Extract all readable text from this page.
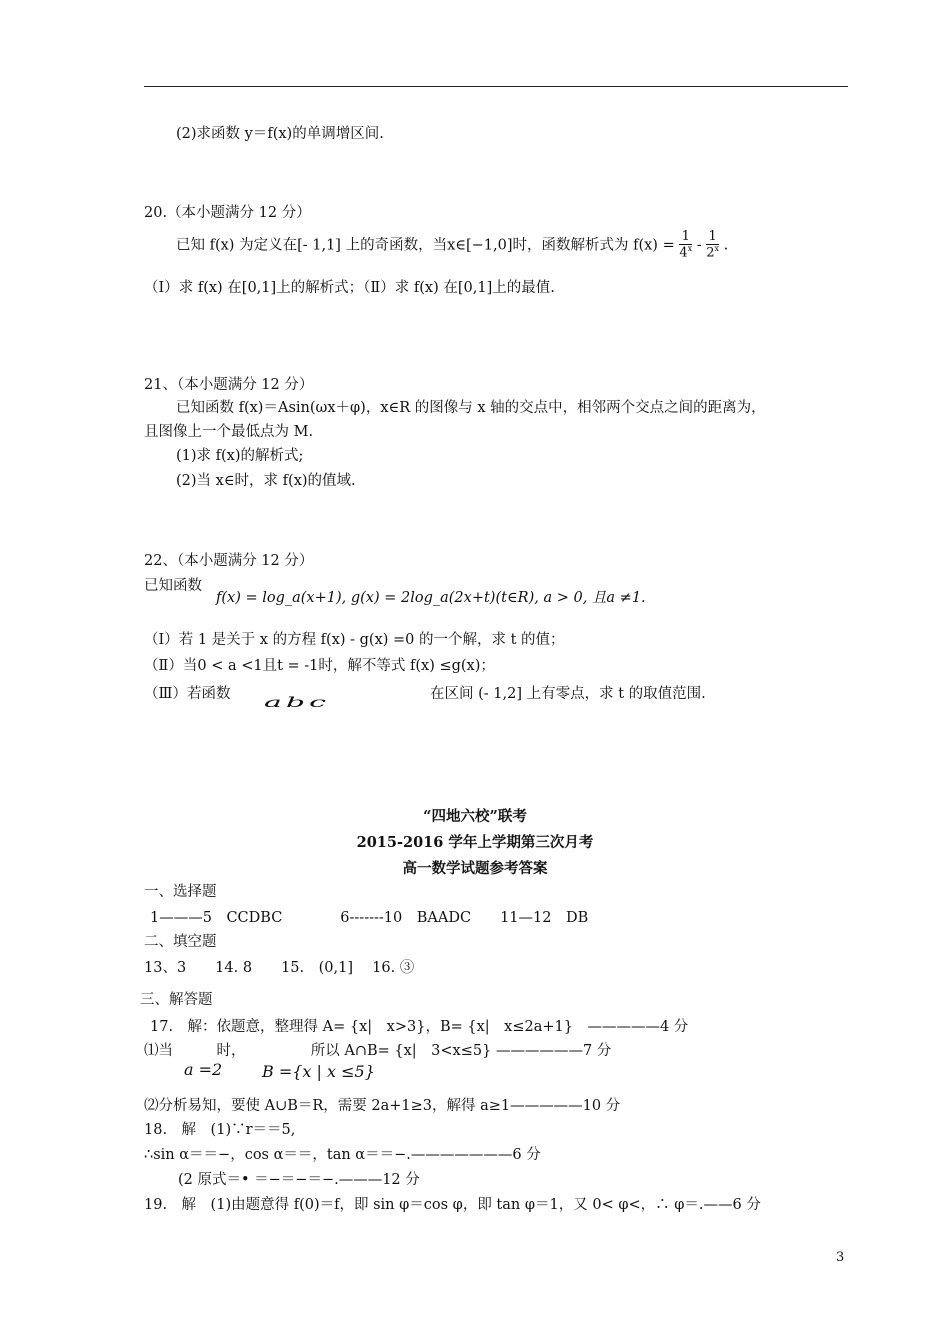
(2)求函数 y＝f(x)的单调增区间.
20.（本小题满分 12 分）
已知 f(x) 为定义在[- 1,1] 上的奇函数，当x∈[−1,0]时，函数解析式为 $f(x) = \frac{1}{4^x} - \frac{1}{2^x}$ .
（Ⅰ）求 f(x) 在[0,1]上的解析式；（Ⅱ）求 f(x) 在[0,1]上的最值.
21、（本小题满分 12 分）
已知函数 f(x)＝Asin(ωx＋φ)，x∈R 的图像与 x 轴的交点中，相邻两个交点之间的距离为，
且图像上一个最低点为 M.
(1)求 f(x)的解析式;
(2)当 x∈时，求 f(x)的值域.
22、（本小题满分 12 分）
已知函数
f(x) = log_a(x+1), g(x) = 2log_a(2x+t)(t∈R), a > 0, 且a ≠1.
（Ⅰ）若 1 是关于 x 的方程 f(x) - g(x) =0 的一个解，求 t 的值；
（Ⅱ）当0 < a <1且t = -1时，解不等式 f(x) ≤g(x)；
（Ⅲ）若函数
abc
在区间 (- 1,2] 上有零点，求 t 的取值范围.
“四地六校”联考
2015-2016 学年上学期第三次月考
高一数学试题参考答案
一、选择题
1———5　CCDBC　　　　6-------10　BAADC　　11—12　DB
二、填空题
13、3　　14. 8　　15.　(0,1]　 16. ③
三、解答题
17.　解：依题意，整理得 A= {x|　x>3}，B= {x|　x≤2a+1}　—————4 分
⑴当　　　时，　　　　　所以 A∩B= {x|　3<x≤5} ——————7 分
a =2 B ={x | x ≤5}
⑵分析易知，要使 A∪B＝R，需要 2a+1≥3，解得 a≥1—————10 分
18.　解　(1)∵r＝＝5,
∴sin α＝＝−，cos α＝＝，tan α＝＝−.———————6 分
(2 原式＝• ＝−＝−＝−.———12 分
19.　解　(1)由题意得 f(0)＝f，即 sin φ＝cos φ，即 tan φ＝1，又 0< φ<，∴ φ＝.——6 分
3
